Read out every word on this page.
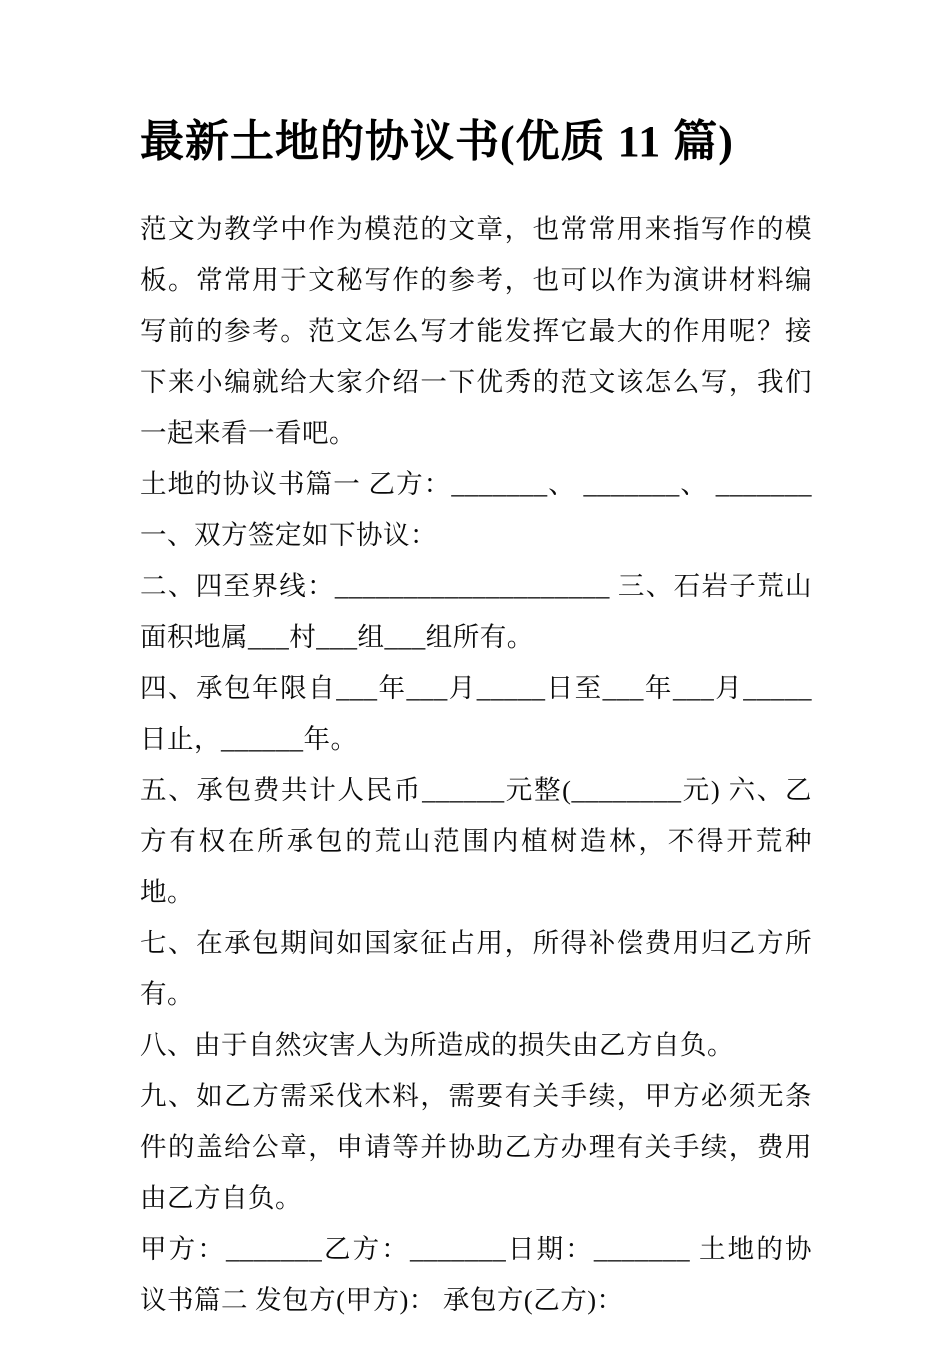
最新土地的协议书(优质 11 篇)

范文为教学中作为模范的文章，也常常用来指写作的模板。常常用于文秘写作的参考，也可以作为演讲材料编写前的参考。范文怎么写才能发挥它最大的作用呢？接下来小编就给大家介绍一下优秀的范文该怎么写，我们一起来看一看吧。

土地的协议书篇一 乙方：_______、 _______、 _______ 一、双方签定如下协议：

二、四至界线：____________________ 三、石岩子荒山面积地属___村___组___组所有。

四、承包年限自___年___月_____日至___年___月_____日止，______年。

五、承包费共计人民币______元整(________元) 六、乙方有权在所承包的荒山范围内植树造林，不得开荒种地。

七、在承包期间如国家征占用，所得补偿费用归乙方所有。

八、由于自然灾害人为所造成的损失由乙方自负。

九、如乙方需采伐木料，需要有关手续，甲方必须无条件的盖给公章，申请等并协助乙方办理有关手续，费用由乙方自负。

甲方：_______乙方：_______日期：_______ 土地的协议书篇二 发包方(甲方)： 承包方(乙方)：
